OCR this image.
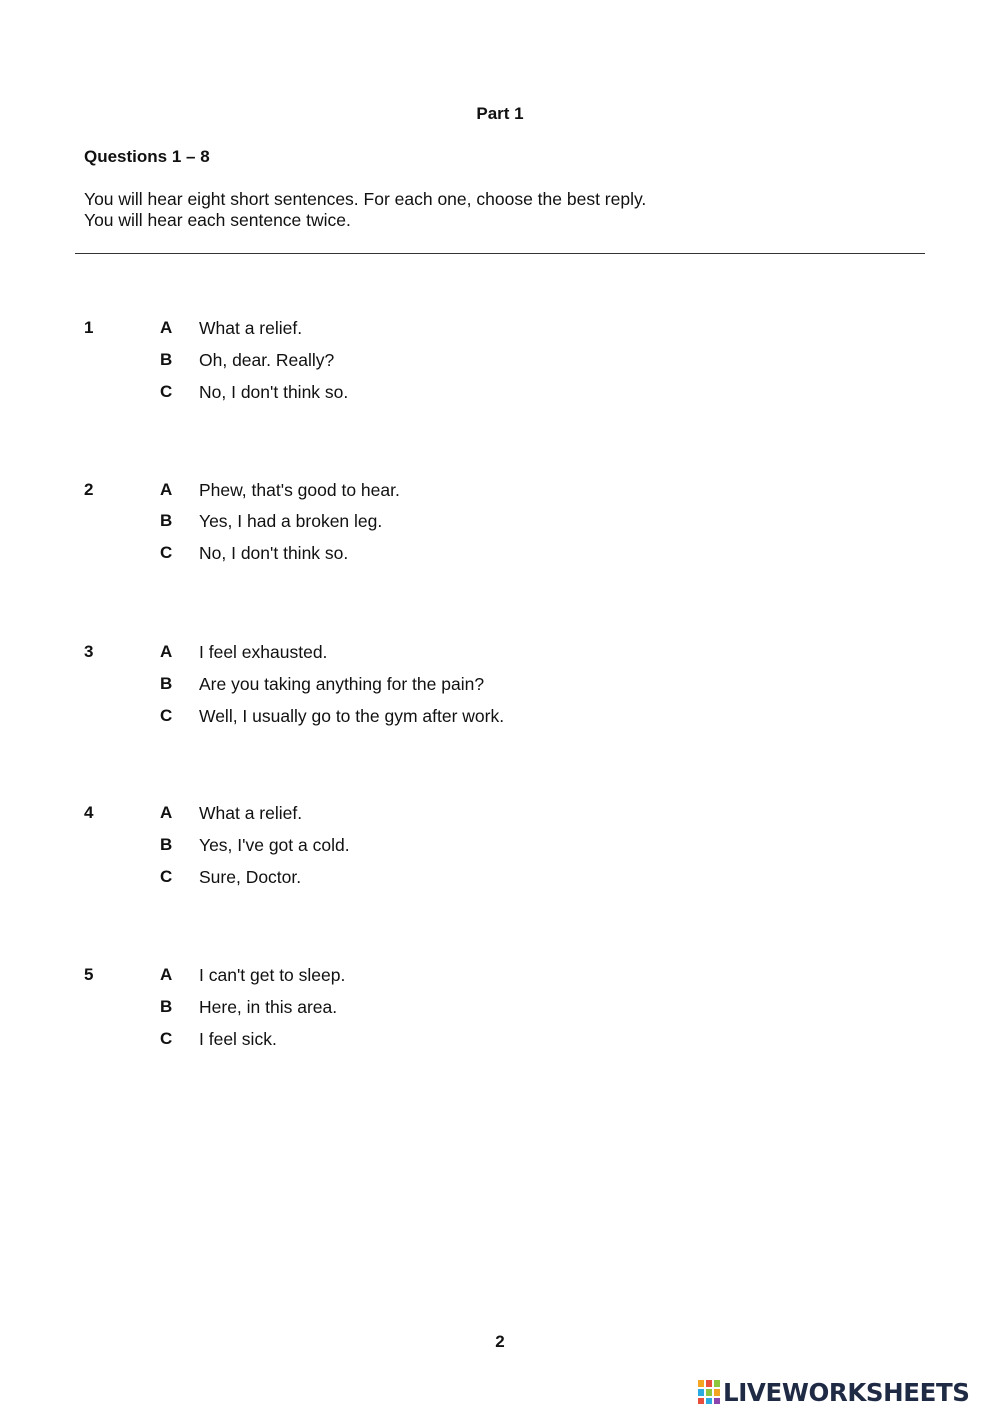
Part 1
Questions 1 – 8
You will hear eight short sentences. For each one, choose the best reply.
You will hear each sentence twice.
1	A What a relief.
B Oh, dear. Really?
C No, I don't think so.
2	A Phew, that's good to hear.
B Yes, I had a broken leg.
C No, I don't think so.
3	A I feel exhausted.
B Are you taking anything for the pain?
C Well, I usually go to the gym after work.
4	A What a relief.
B Yes, I've got a cold.
C Sure, Doctor.
5	A I can't get to sleep.
B Here, in this area.
C I feel sick.
2
LIVEWORKSHEETS
